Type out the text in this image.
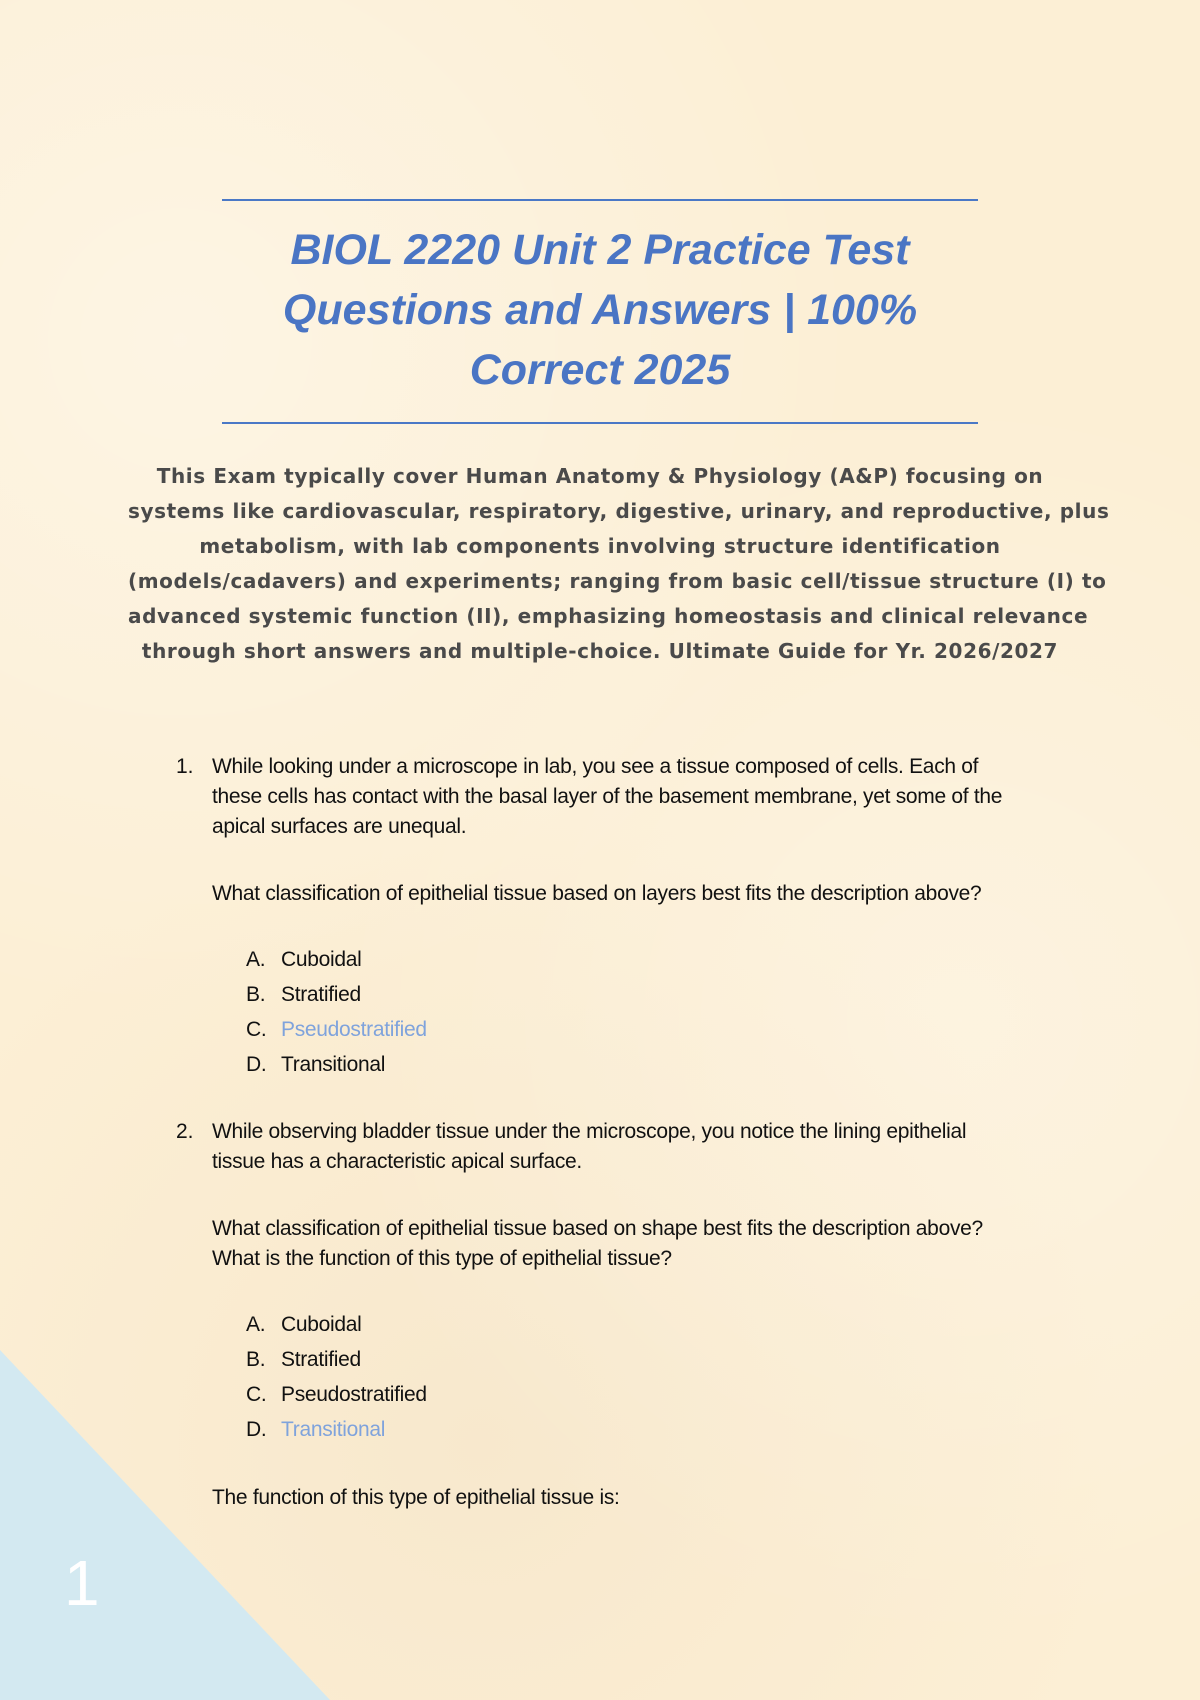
BIOL 2220 Unit 2 Practice Test
Questions and Answers | 100%
Correct 2025

This Exam typically cover Human Anatomy & Physiology (A&P) focusing on
systems like cardiovascular, respiratory, digestive, urinary, and reproductive, plus
metabolism, with lab components involving structure identification
(models/cadavers) and experiments; ranging from basic cell/tissue structure (I) to
advanced systemic function (II), emphasizing homeostasis and clinical relevance
through short answers and multiple-choice. Ultimate Guide for Yr. 2026/2027

1. While looking under a microscope in lab, you see a tissue composed of cells. Each of
these cells has contact with the basal layer of the basement membrane, yet some of the
apical surfaces are unequal.
What classification of epithelial tissue based on layers best fits the description above?
A. Cuboidal
B. Stratified
C. Pseudostratified
D. Transitional
2. While observing bladder tissue under the microscope, you notice the lining epithelial
tissue has a characteristic apical surface.
What classification of epithelial tissue based on shape best fits the description above?
What is the function of this type of epithelial tissue?
A. Cuboidal
B. Stratified
C. Pseudostratified
D. Transitional
The function of this type of epithelial tissue is:
1
